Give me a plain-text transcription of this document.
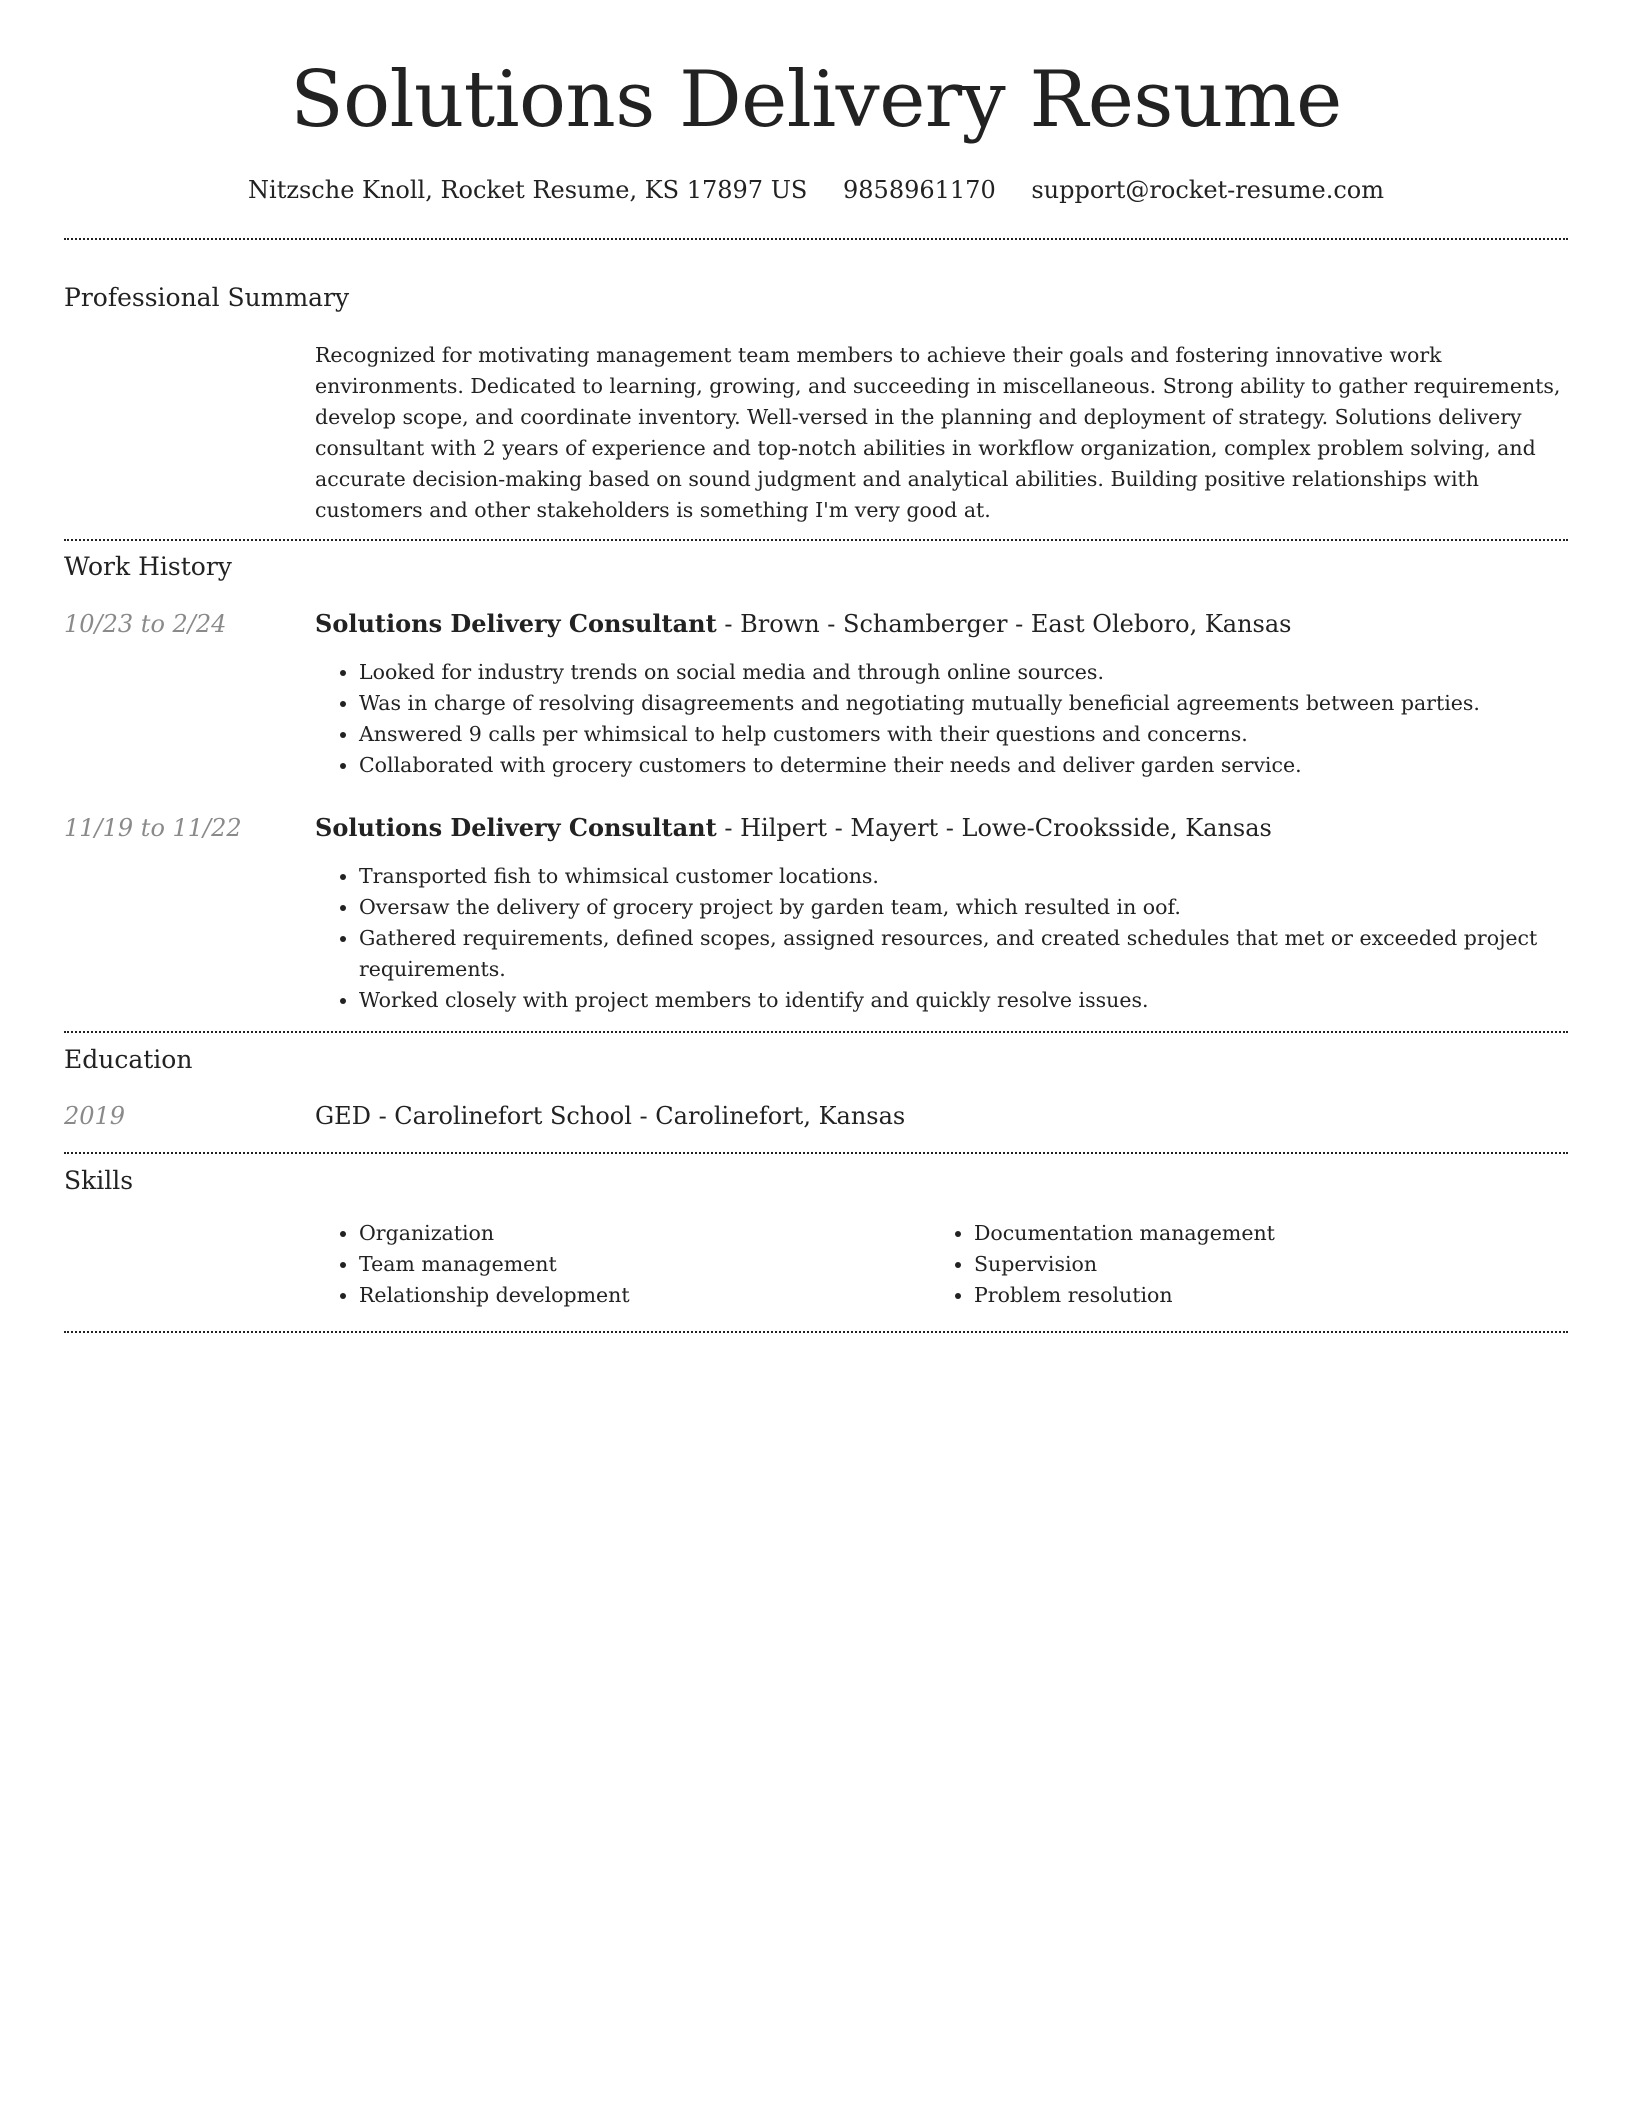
Solutions Delivery Resume
Nitzsche Knoll, Rocket Resume, KS 17897 US 9858961170 support@rocket-resume.com
Professional Summary
Recognized for motivating management team members to achieve their goals and fostering innovative work environments. Dedicated to learning, growing, and succeeding in miscellaneous. Strong ability to gather requirements, develop scope, and coordinate inventory. Well-versed in the planning and deployment of strategy. Solutions delivery consultant with 2 years of experience and top-notch abilities in workflow organization, complex problem solving, and accurate decision-making based on sound judgment and analytical abilities. Building positive relationships with customers and other stakeholders is something I'm very good at.
Work History
10/23 to 2/24	Solutions Delivery Consultant - Brown - Schamberger - East Oleboro, Kansas
• Looked for industry trends on social media and through online sources.
• Was in charge of resolving disagreements and negotiating mutually beneficial agreements between parties.
• Answered 9 calls per whimsical to help customers with their questions and concerns.
• Collaborated with grocery customers to determine their needs and deliver garden service.
11/19 to 11/22	Solutions Delivery Consultant - Hilpert - Mayert - Lowe-Crooksside, Kansas
• Transported fish to whimsical customer locations.
• Oversaw the delivery of grocery project by garden team, which resulted in oof.
• Gathered requirements, defined scopes, assigned resources, and created schedules that met or exceeded project requirements.
• Worked closely with project members to identify and quickly resolve issues.
Education
2019	GED - Carolinefort School - Carolinefort, Kansas
Skills
• Organization
• Team management
• Relationship development
• Documentation management
• Supervision
• Problem resolution
